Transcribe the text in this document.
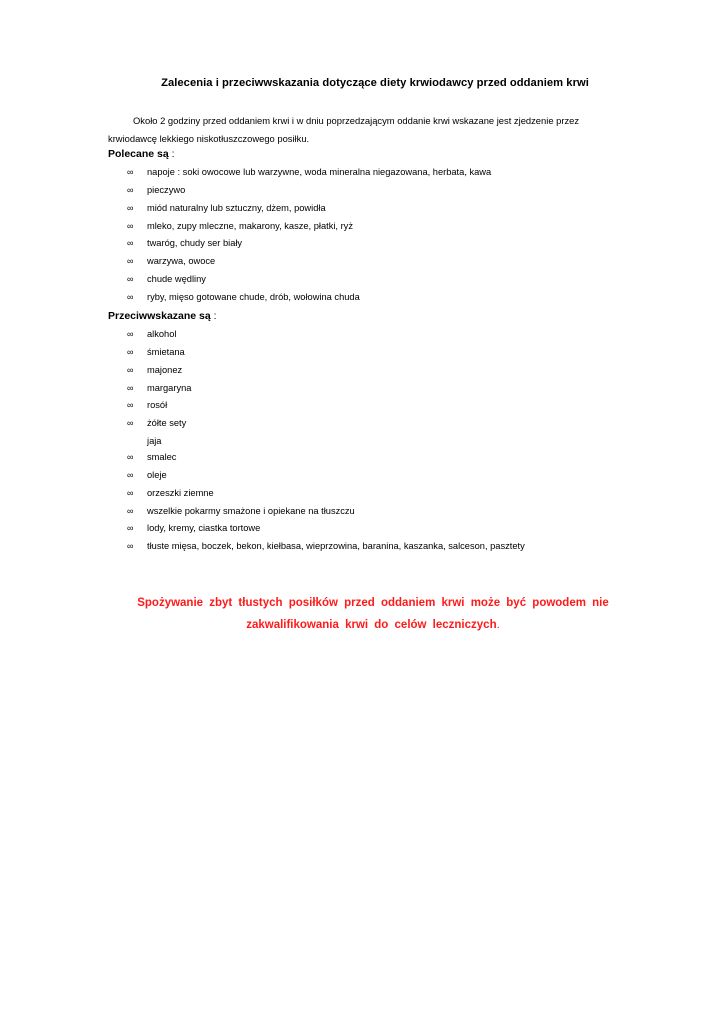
Zalecenia i przeciwwskazania dotyczące diety krwiodawcy przed oddaniem krwi
Około 2 godziny przed oddaniem krwi i w dniu poprzedzającym oddanie krwi wskazane jest zjedzenie przez
krwiodawcę lekkiego niskotłuszczowego posiłku.
Polecane są :
∞ napoje : soki owocowe lub warzywne, woda mineralna niegazowana, herbata, kawa
∞ pieczywo
∞ miód naturalny lub sztuczny, dżem, powidła
∞ mleko, zupy mleczne, makarony, kasze, płatki, ryż
∞ twaróg, chudy ser biały
∞ warzywa, owoce
∞ chude wędliny
∞ ryby, mięso gotowane chude, drób, wołowina chuda
Przeciwwskazane są :
∞ alkohol
∞ śmietana
∞ majonez
∞ margaryna
∞ rosół
∞ żółte sety
jaja
∞ smalec
∞ oleje
∞ orzeszki ziemne
∞ wszelkie pokarmy smażone i opiekane na tłuszczu
∞ lody, kremy, ciastka tortowe
∞ tłuste mięsa, boczek, bekon, kiełbasa, wieprzowina, baranina, kaszanka, salceson, pasztety
Spożywanie zbyt tłustych posiłków przed oddaniem krwi może być powodem nie
zakwalifikowania krwi do celów leczniczych.
